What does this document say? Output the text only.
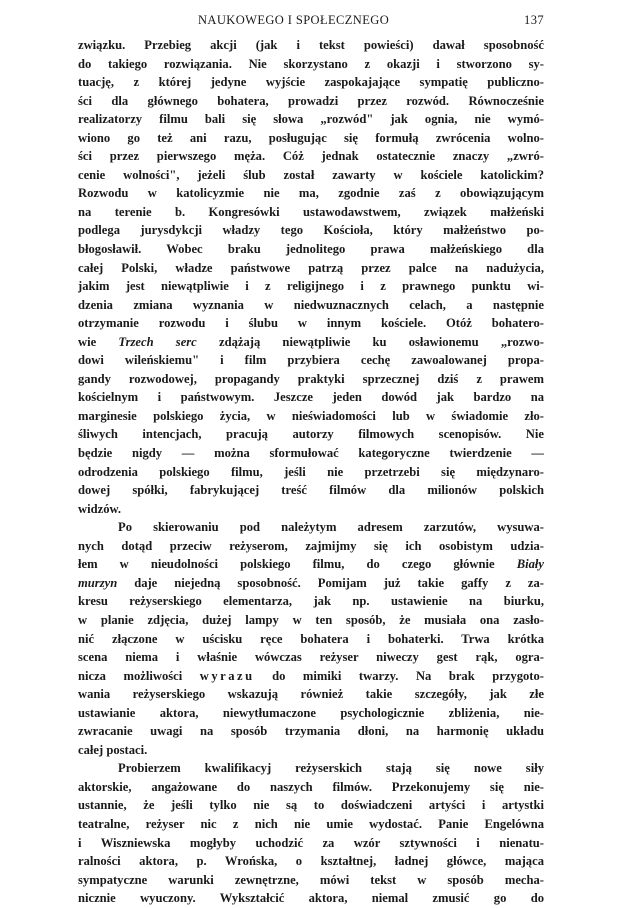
NAUKOWEGO I SPOŁECZNEGO	137

związku. Przebieg akcji (jak i tekst powieści) dawał sposobność
do takiego rozwiązania. Nie skorzystano z okazji i stworzono sy-
tuację, z której jedyne wyjście zaspokajające sympatię publiczno-
ści dla głównego bohatera, prowadzi przez rozwód. Równocześnie
realizatorzy filmu bali się słowa „rozwód" jak ognia, nie wymó-
wiono go też ani razu, posługując się formułą zwrócenia wolno-
ści przez pierwszego męża. Cóż jednak ostatecznie znaczy „zwró-
cenie wolności", jeżeli ślub został zawarty w kościele katolickim?
Rozwodu w katolicyzmie nie ma, zgodnie zaś z obowiązującym
na terenie b. Kongresówki ustawodawstwem, związek małżeński
podlega jurysdykcji władzy tego Kościoła, który małżeństwo po-
błogosławił. Wobec braku jednolitego prawa małżeńskiego dla
całej Polski, władze państwowe patrzą przez palce na nadużycia,
jakim jest niewątpliwie i z religijnego i z prawnego punktu wi-
dzenia zmiana wyznania w niedwuznacznych celach, a następnie
otrzymanie rozwodu i ślubu w innym kościele. Otóż bohatero-
wie Trzech serc zdążają niewątpliwie ku osławionemu „rozwo-
dowi wileńskiemu" i film przybiera cechę zawoalowanej propa-
gandy rozwodowej, propagandy praktyki sprzecznej dziś z prawem
kościelnym i państwowym. Jeszcze jeden dowód jak bardzo na
marginesie polskiego życia, w nieświadomości lub w świadomie zło-
śliwych intencjach, pracują autorzy filmowych scenopisów. Nie
będzie nigdy — można sformułować kategoryczne twierdzenie —
odrodzenia polskiego filmu, jeśli nie przetrzebi się międzynaro-
dowej spółki, fabrykującej treść filmów dla milionów polskich
widzów.

Po skierowaniu pod należytym adresem zarzutów, wysuwa-
nych dotąd przeciw reżyserom, zajmijmy się ich osobistym udzia-
łem w nieudolności polskiego filmu, do czego głównie Biały
murzyn daje niejedną sposobność. Pomijam już takie gaffy z za-
kresu reżyserskiego elementarza, jak np. ustawienie na biurku,
w planie zdjęcia, dużej lampy w ten sposób, że musiała ona zasło-
nić złączone w uścisku ręce bohatera i bohaterki. Trwa krótka
scena niema i właśnie wówczas reżyser niweczy gest rąk, ogra-
nicza możliwości wyrazu do mimiki twarzy. Na brak przygoto-
wania reżyserskiego wskazują również takie szczegóły, jak złe
ustawianie aktora, niewytłumaczone psychologicznie zbliżenia, nie-
zwracanie uwagi na sposób trzymania dłoni, na harmonię układu
całej postaci.

Probierzem kwalifikacyj reżyserskich stają się nowe siły
aktorskie, angażowane do naszych filmów. Przekonujemy się nie-
ustannie, że jeśli tylko nie są to doświadczeni artyści i artystki
teatralne, reżyser nic z nich nie umie wydostać. Panie Engelówna
i Wiszniewska mogłyby uchodzić za wzór sztywności i nienatu-
ralności aktora, p. Wrońska, o kształtnej, ładnej główce, mająca
sympatyczne warunki zewnętrzne, mówi tekst w sposób mecha-
nicznie wyuczony. Wykształcić aktora, niemal zmusić go do
